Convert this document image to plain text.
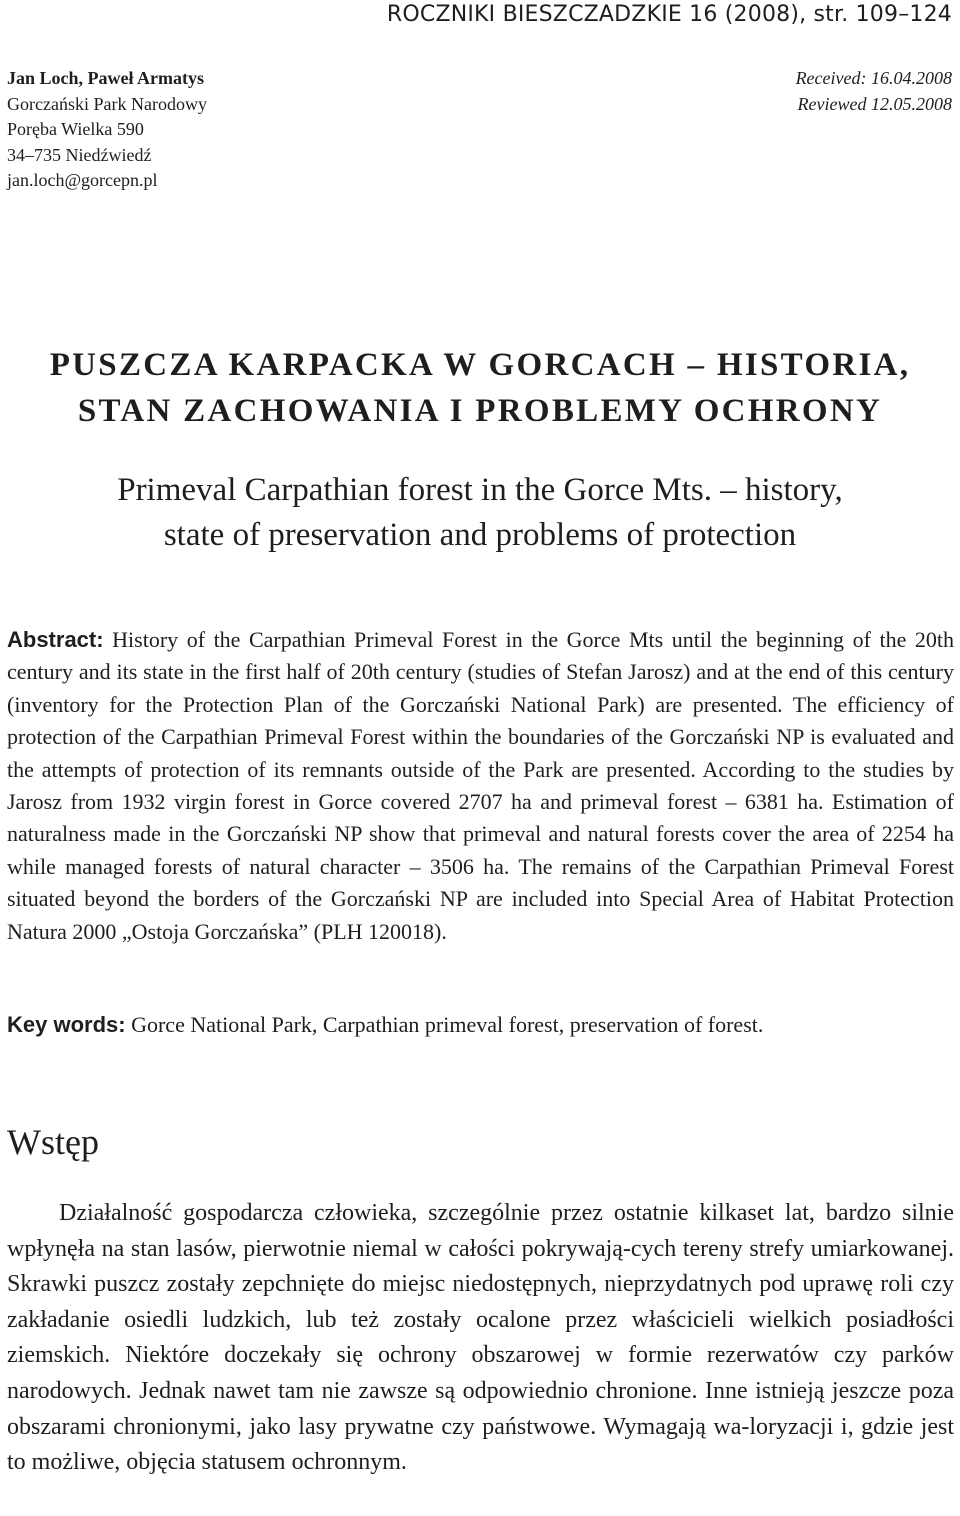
ROCZNIKI BIESZCZADZKIE 16 (2008), str. 109–124
Jan Loch, Paweł Armatys
Gorczański Park Narodowy
Poręba Wielka 590
34–735 Niedźwiedź
jan.loch@gorcepn.pl
Received: 16.04.2008
Reviewed 12.05.2008
PUSZCZA KARPACKA W GORCACH – HISTORIA,
STAN ZACHOWANIA I PROBLEMY OCHRONY
Primeval Carpathian forest in the Gorce Mts. – history,
state of preservation and problems of protection

Abstract: History of the Carpathian Primeval Forest in the Gorce Mts until the beginning of the 20th century and its state in the first half of 20th century (studies of Stefan Jarosz) and at the end of this century (inventory for the Protection Plan of the Gorczański National Park) are presented. The efficiency of protection of the Carpathian Primeval Forest within the boundaries of the Gorczański NP is evaluated and the attempts of protection of its remnants outside of the Park are presented. According to the studies by Jarosz from 1932 virgin forest in Gorce covered 2707 ha and primeval forest – 6381 ha. Estimation of naturalness made in the Gorczański NP show that primeval and natural forests cover the area of 2254 ha while managed forests of natural character – 3506 ha. The remains of the Carpathian Primeval Forest situated beyond the borders of the Gorczański NP are included into Special Area of Habitat Protection Natura 2000 „Ostoja Gorczańska” (PLH 120018).

Key words: Gorce National Park, Carpathian primeval forest, preservation of forest.

Wstęp

Działalność gospodarcza człowieka, szczególnie przez ostatnie kilkaset lat, bardzo silnie wpłynęła na stan lasów, pierwotnie niemal w całości pokrywają-cych tereny strefy umiarkowanej. Skrawki puszcz zostały zepchnięte do miejsc niedostępnych, nieprzydatnych pod uprawę roli czy zakładanie osiedli ludzkich, lub też zostały ocalone przez właścicieli wielkich posiadłości ziemskich. Niektóre doczekały się ochrony obszarowej w formie rezerwatów czy parków narodowych. Jednak nawet tam nie zawsze są odpowiednio chronione. Inne istnieją jeszcze poza obszarami chronionymi, jako lasy prywatne czy państwowe. Wymagają wa-loryzacji i, gdzie jest to możliwe, objęcia statusem ochronnym.
